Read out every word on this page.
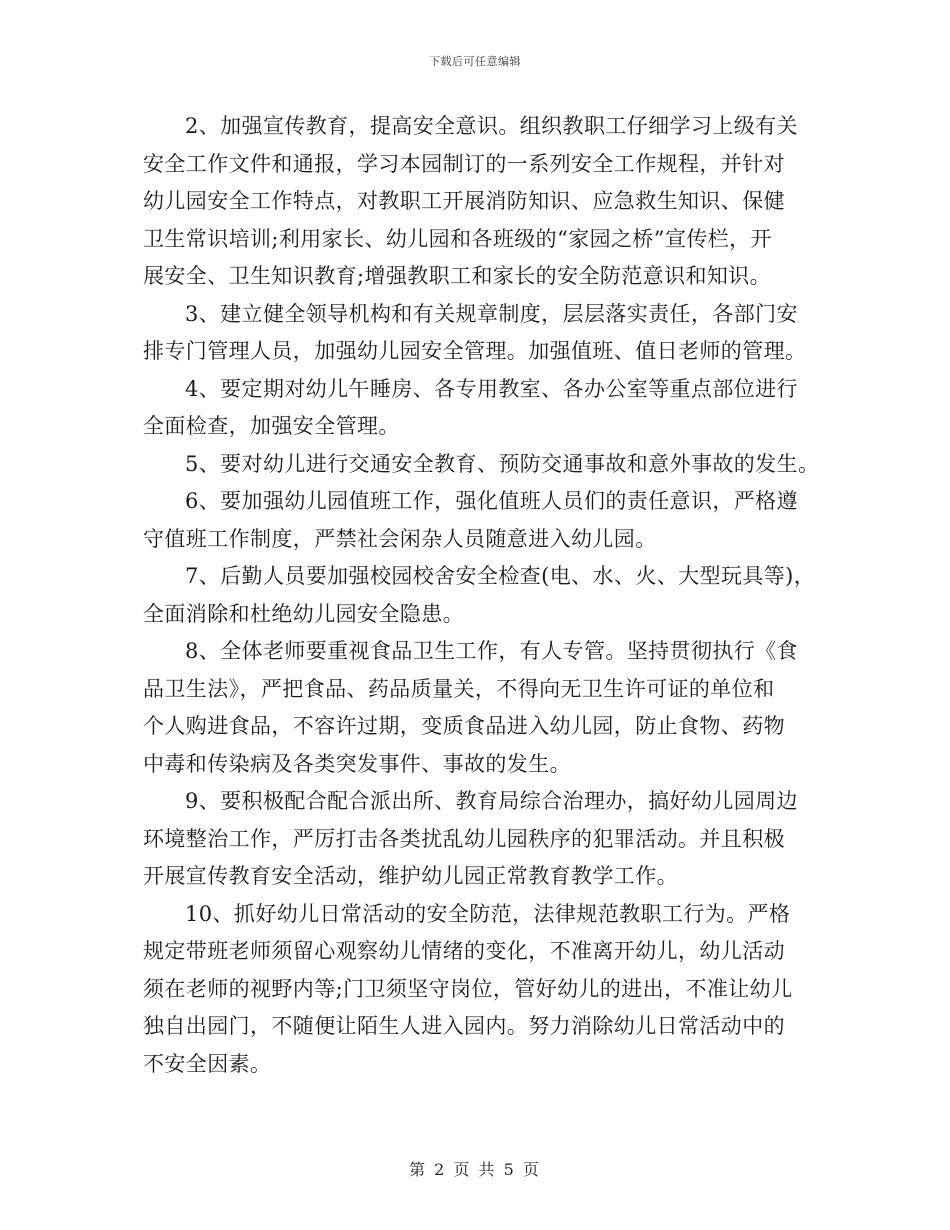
下载后可任意编辑

2、加强宣传教育，提高安全意识。组织教职工仔细学习上级有关
安全工作文件和通报，学习本园制订的一系列安全工作规程，并针对
幼儿园安全工作特点，对教职工开展消防知识、应急救生知识、保健
卫生常识培训;利用家长、幼儿园和各班级的“家园之桥”宣传栏，开
展安全、卫生知识教育;增强教职工和家长的安全防范意识和知识。

3、建立健全领导机构和有关规章制度，层层落实责任，各部门安
排专门管理人员，加强幼儿园安全管理。加强值班、值日老师的管理。

4、要定期对幼儿午睡房、各专用教室、各办公室等重点部位进行
全面检查，加强安全管理。

5、要对幼儿进行交通安全教育、预防交通事故和意外事故的发生。

6、要加强幼儿园值班工作，强化值班人员们的责任意识，严格遵
守值班工作制度，严禁社会闲杂人员随意进入幼儿园。

7、后勤人员要加强校园校舍安全检查(电、水、火、大型玩具等)，
全面消除和杜绝幼儿园安全隐患。

8、全体老师要重视食品卫生工作，有人专管。坚持贯彻执行《食
品卫生法》，严把食品、药品质量关，不得向无卫生许可证的单位和
个人购进食品，不容许过期，变质食品进入幼儿园，防止食物、药物
中毒和传染病及各类突发事件、事故的发生。

9、要积极配合配合派出所、教育局综合治理办，搞好幼儿园周边
环境整治工作，严厉打击各类扰乱幼儿园秩序的犯罪活动。并且积极
开展宣传教育安全活动，维护幼儿园正常教育教学工作。

10、抓好幼儿日常活动的安全防范，法律规范教职工行为。严格
规定带班老师须留心观察幼儿情绪的变化，不准离开幼儿，幼儿活动
须在老师的视野内等;门卫须坚守岗位，管好幼儿的进出，不准让幼儿
独自出园门，不随便让陌生人进入园内。努力消除幼儿日常活动中的
不安全因素。

第 2 页 共 5 页
